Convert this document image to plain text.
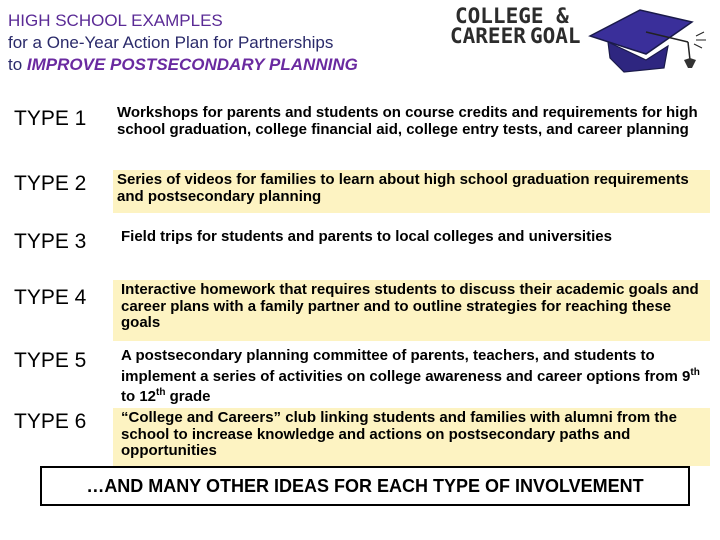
HIGH SCHOOL EXAMPLES
for a One-Year Action Plan for Partnerships
to IMPROVE POSTSECONDARY PLANNING
COLLEGE &
CAREER GOAL
TYPE 1 Workshops for parents and students on course credits and requirements for high school graduation, college financial aid, college entry tests, and career planning
TYPE 2 Series of videos for families to learn about high school graduation requirements and postsecondary planning
TYPE 3	Field trips for students and parents to local colleges and universities
TYPE 4	Interactive homework that requires students to discuss their academic goals and career plans with a family partner and to outline strategies for reaching these goals
TYPE 5	A postsecondary planning committee of parents, teachers, and students to implement a series of activities on college awareness and career options from 9th to 12th grade
TYPE 6	“College and Careers” club linking students and families with alumni from the school to increase knowledge and actions on postsecondary paths and opportunities
…AND MANY OTHER IDEAS FOR EACH TYPE OF INVOLVEMENT
